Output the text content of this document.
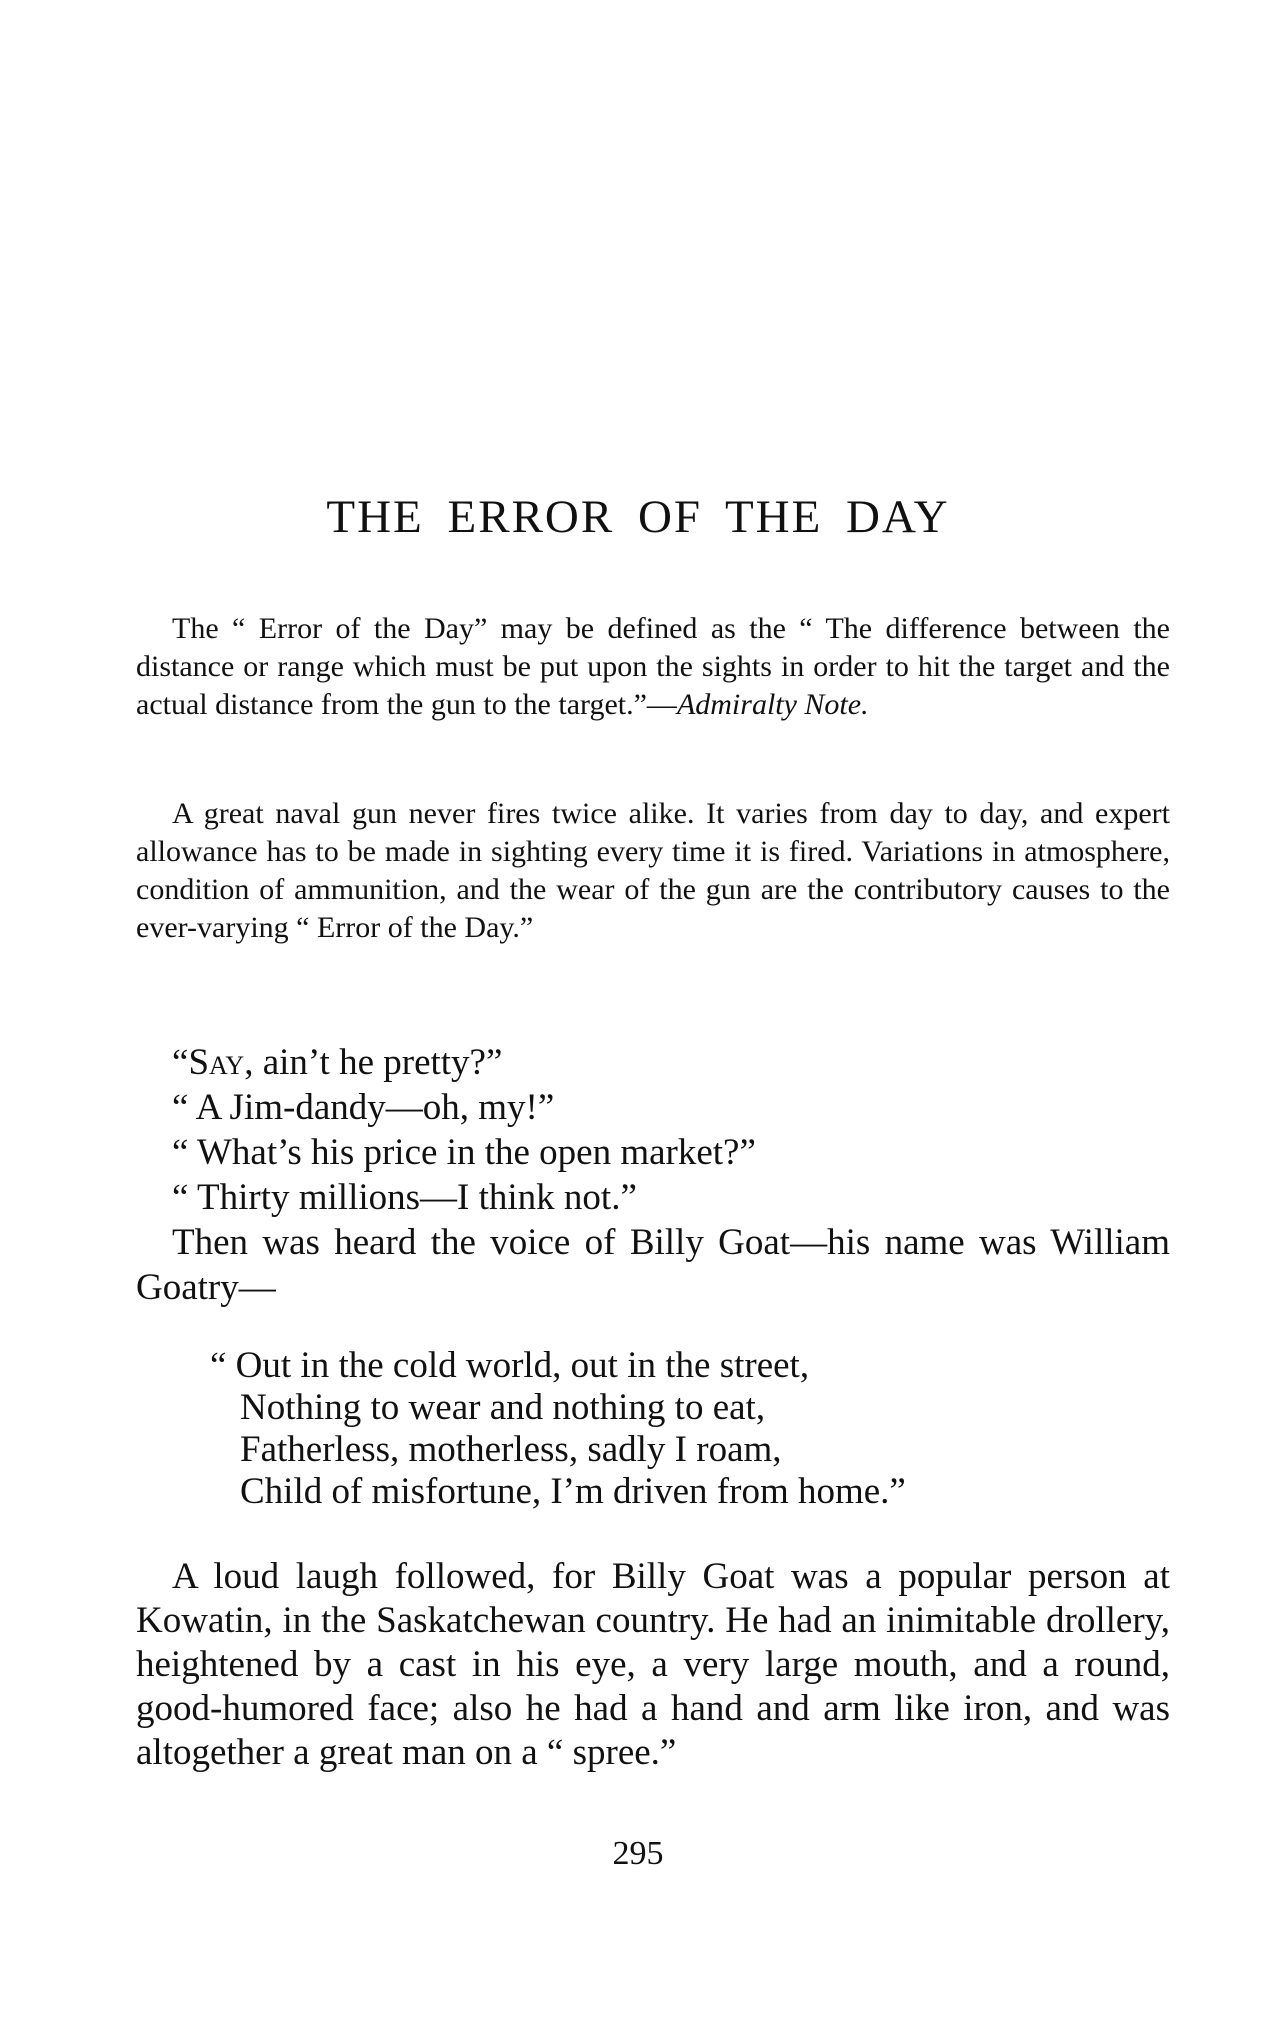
THE ERROR OF THE DAY

The “ Error of the Day” may be defined as the “ The difference between the distance or range which must be put upon the sights in order to hit the target and the actual distance from the gun to the target.”—Admiralty Note.

A great naval gun never fires twice alike. It varies from day to day, and expert allowance has to be made in sighting every time it is fired. Variations in atmosphere, condition of ammunition, and the wear of the gun are the contributory causes to the ever-varying “ Error of the Day.”

“Say, ain’t he pretty?”
“ A Jim-dandy—oh, my!”
“ What’s his price in the open market?”
“ Thirty millions—I think not.”
Then was heard the voice of Billy Goat—his name was William Goatry—
“ Out in the cold world, out in the street,
Nothing to wear and nothing to eat,
Fatherless, motherless, sadly I roam,
Child of misfortune, I’m driven from home.”

A loud laugh followed, for Billy Goat was a popular person at Kowatin, in the Saskatchewan country. He had an inimitable drollery, heightened by a cast in his eye, a very large mouth, and a round, good-humored face; also he had a hand and arm like iron, and was altogether a great man on a “ spree.”

295
